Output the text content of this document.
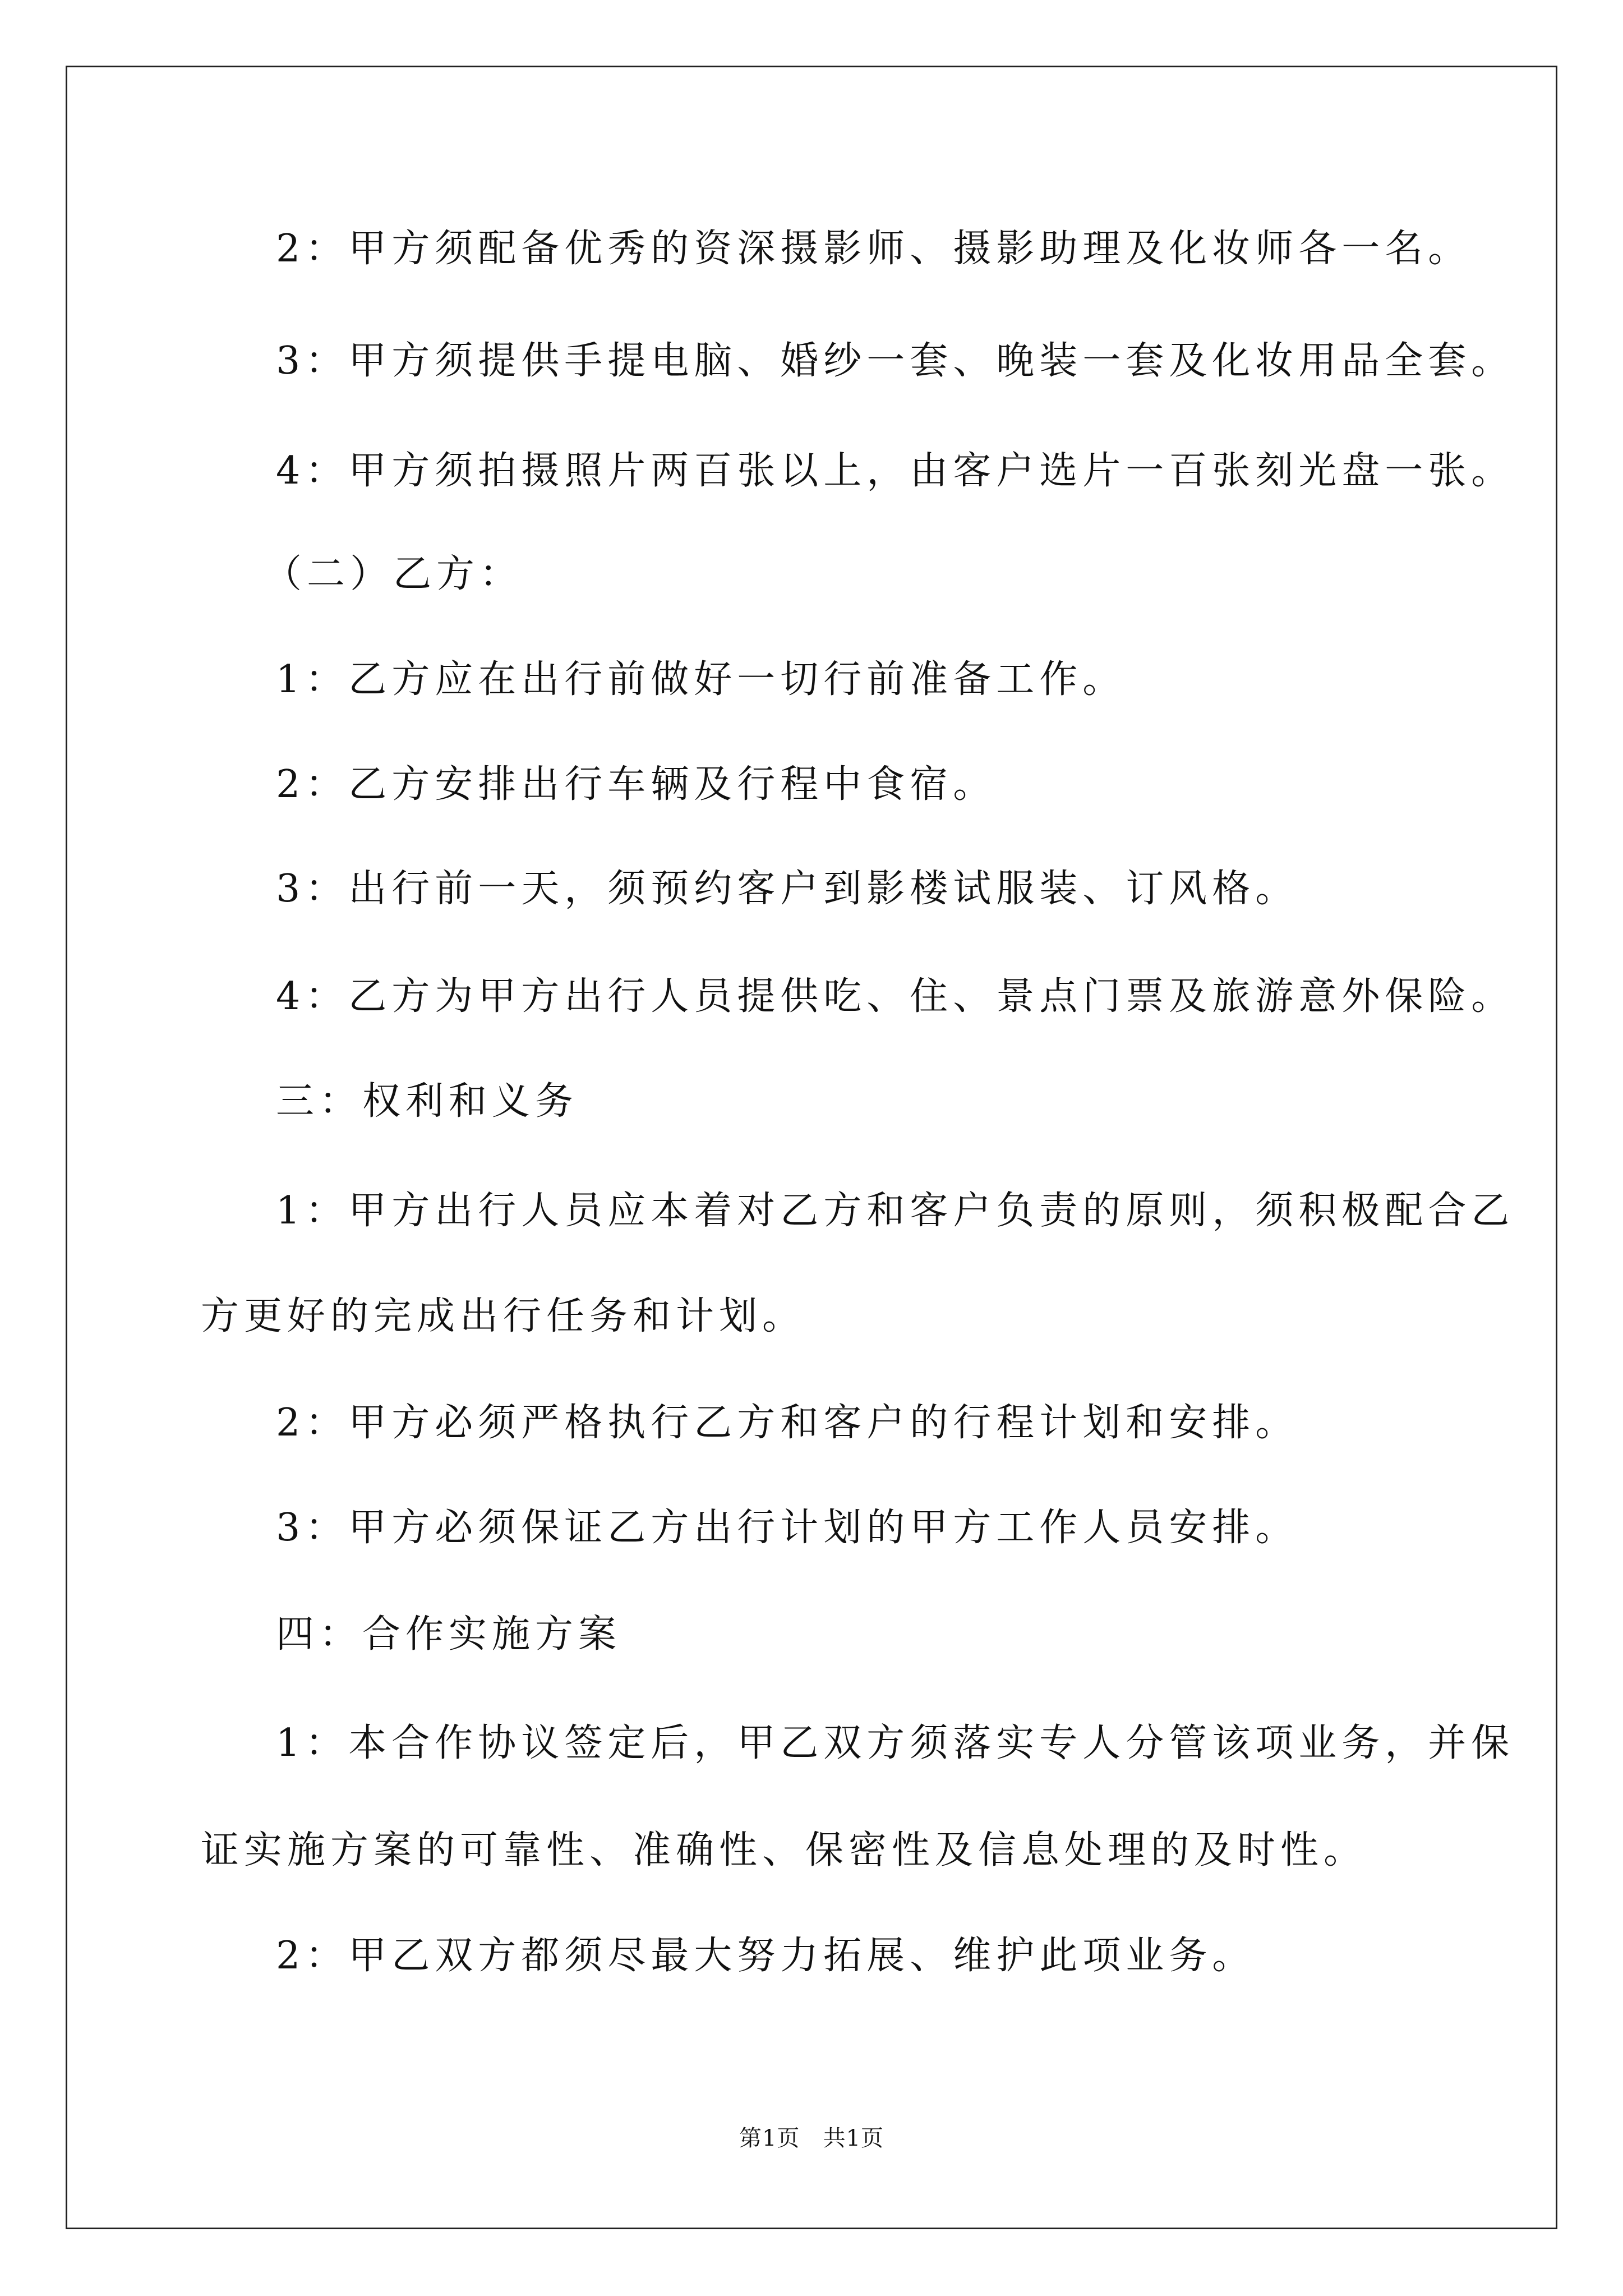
2：甲方须配备优秀的资深摄影师、摄影助理及化妆师各一名。
3：甲方须提供手提电脑、婚纱一套、晚装一套及化妆用品全套。
4：甲方须拍摄照片两百张以上，由客户选片一百张刻光盘一张。
（二）乙方：
1：乙方应在出行前做好一切行前准备工作。
2：乙方安排出行车辆及行程中食宿。
3：出行前一天，须预约客户到影楼试服装、订风格。
4：乙方为甲方出行人员提供吃、住、景点门票及旅游意外保险。
三：权利和义务
1：甲方出行人员应本着对乙方和客户负责的原则，须积极配合乙
方更好的完成出行任务和计划。
2：甲方必须严格执行乙方和客户的行程计划和安排。
3：甲方必须保证乙方出行计划的甲方工作人员安排。
四：合作实施方案
1：本合作协议签定后，甲乙双方须落实专人分管该项业务，并保
证实施方案的可靠性、准确性、保密性及信息处理的及时性。
2：甲乙双方都须尽最大努力拓展、维护此项业务。
第1页 共1页
